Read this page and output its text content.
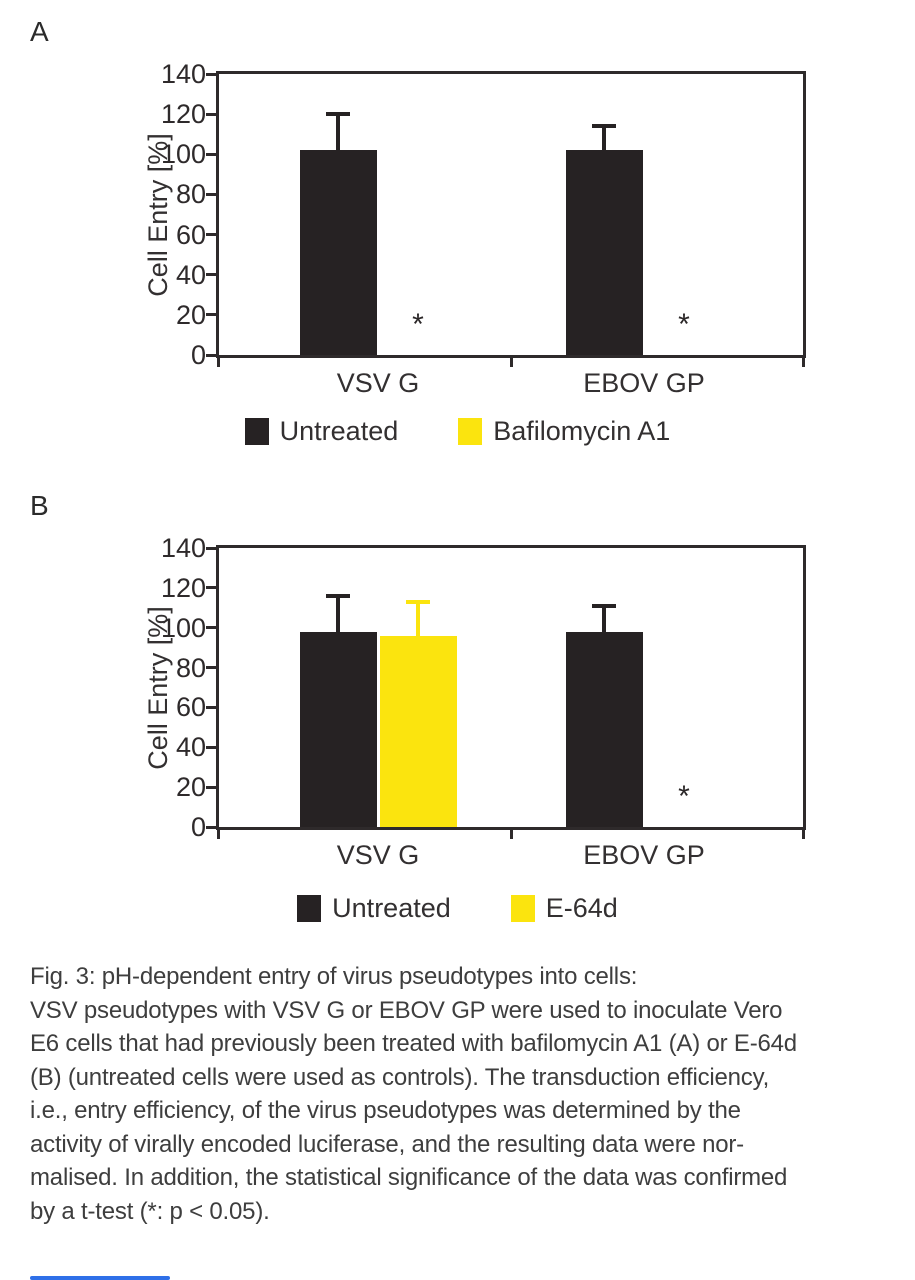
A
Cell Entry [%]
0
20
40
60
80
100
120
140
VSV G	EBOV GP
*	*
Untreated	Bafilomycin A1
B
Cell Entry [%]
0
20
40
60
80
100
120
140
VSV G	EBOV GP
*
Untreated	E-64d
Fig. 3: pH-dependent entry of virus pseudotypes into cells:
VSV pseudotypes with VSV G or EBOV GP were used to inoculate Vero
E6 cells that had previously been treated with bafilomycin A1 (A) or E-64d
(B) (untreated cells were used as controls). The transduction efficiency,
i.e., entry efficiency, of the virus pseudotypes was determined by the
activity of virally encoded luciferase, and the resulting data were nor-
malised. In addition, the statistical significance of the data was confirmed
by a t-test (*: p < 0.05).
